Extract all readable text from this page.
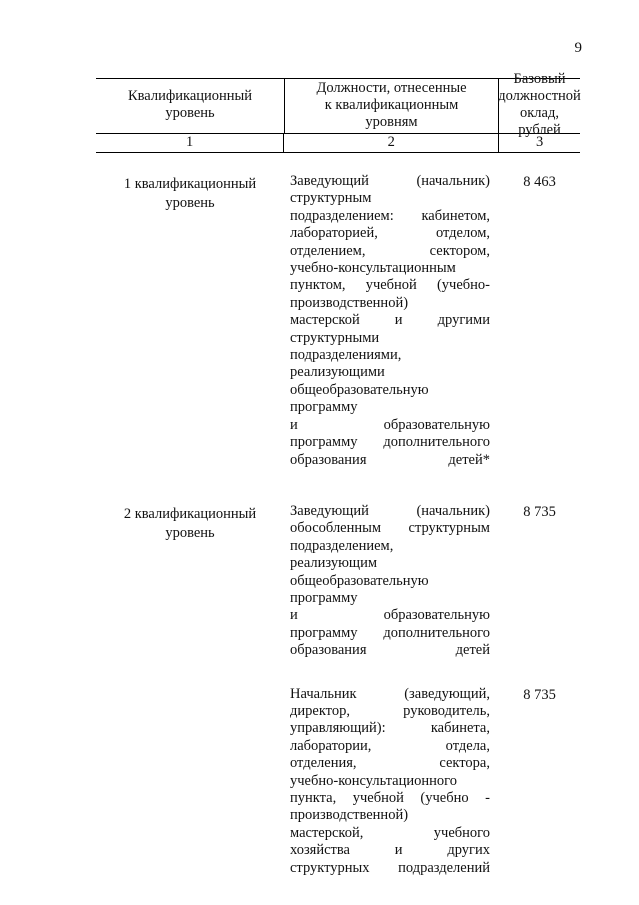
9
Квалификационный уровень
Должности, отнесенные
к квалификационным
уровням
Базовый
должностной
оклад, рублей
1	2	3
1 квалификационный
уровень
Заведующий (начальник)
структурным
подразделением: кабинетом,
лабораторией, отделом,
отделением, сектором,
учебно-консультационным
пунктом, учебной (учебно-
производственной)
мастерской и другими
структурными
подразделениями,
реализующими
общеобразовательную
программу
и образовательную
программу дополнительного
образования детей*
8 463
2 квалификационный
уровень
Заведующий (начальник)
обособленным структурным
подразделением,
реализующим
общеобразовательную
программу
и образовательную
программу дополнительного
образования детей
8 735
Начальник (заведующий,
директор, руководитель,
управляющий): кабинета,
лаборатории, отдела,
отделения, сектора,
учебно-консультационного
пункта, учебной (учебно -
производственной)
мастерской, учебного
хозяйства и других
структурных подразделений
8 735
